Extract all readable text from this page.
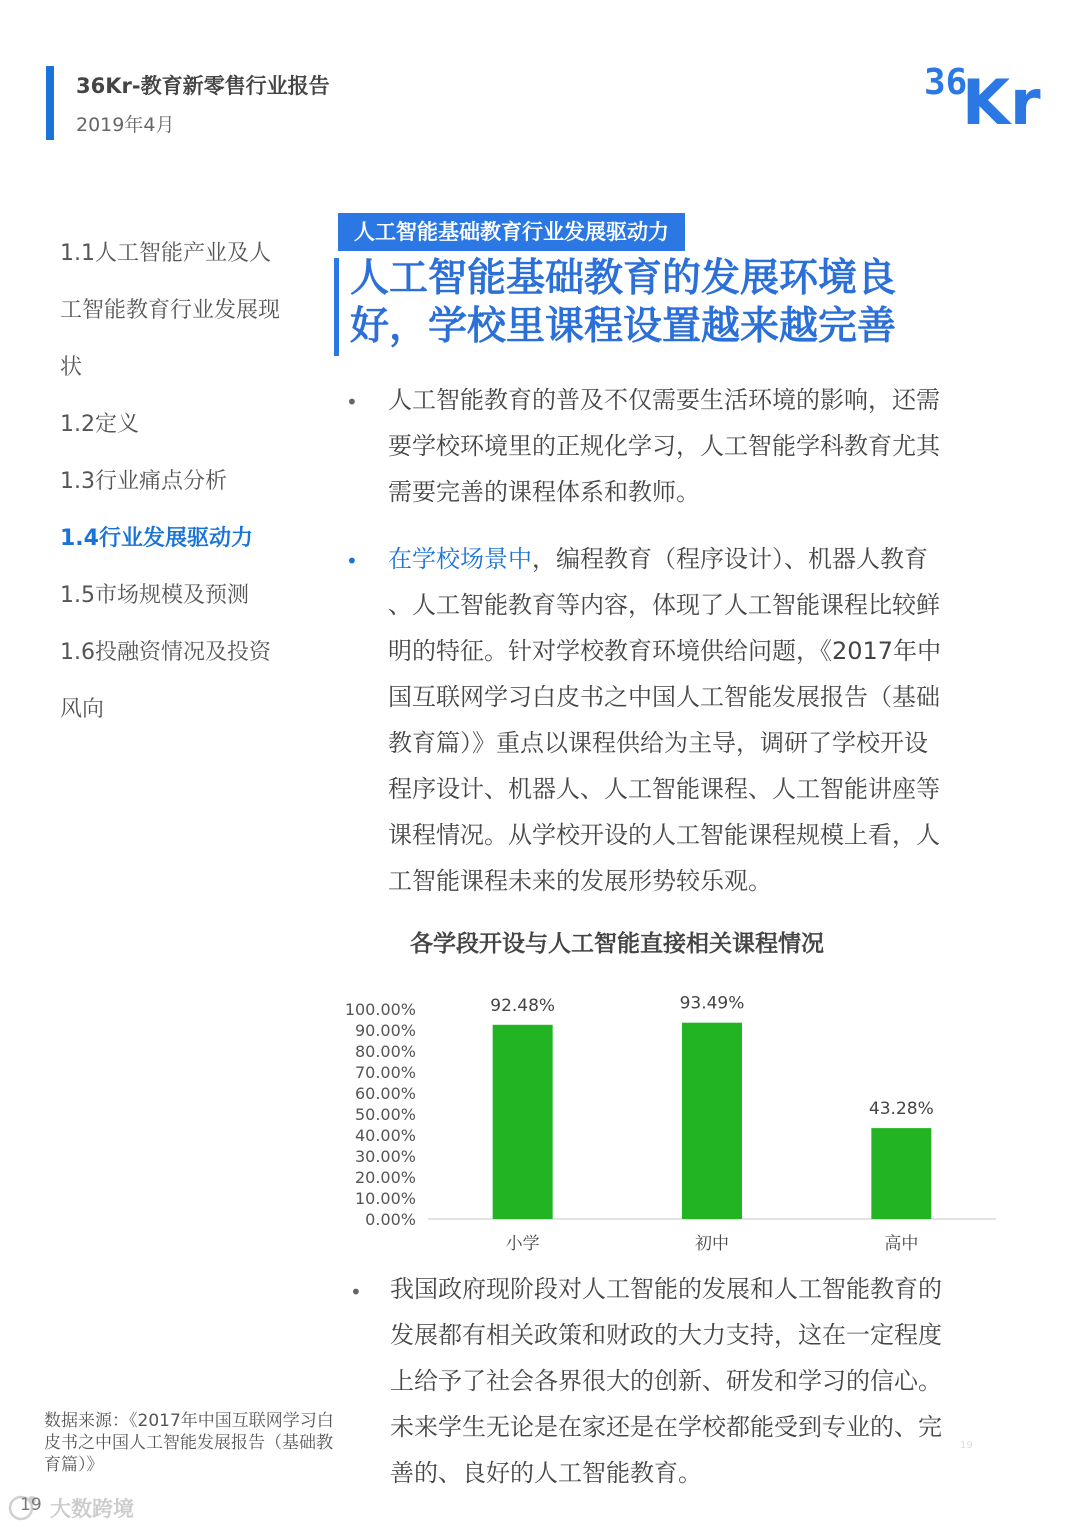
36Kr-教育新零售行业报告
2019年4月
36
Kr
1.1人工智能产业及人
工智能教育行业发展现
状
1.2定义
1.3行业痛点分析
1.4行业发展驱动力
1.5市场规模及预测
1.6投融资情况及投资
风向
人工智能基础教育行业发展驱动力
人工智能基础教育的发展环境良
好，学校里课程设置越来越完善
• 人工智能教育的普及不仅需要生活环境的影响，还需
要学校环境里的正规化学习，人工智能学科教育尤其
需要完善的课程体系和教师。
• 在学校场景中，编程教育（程序设计）、机器人教育
、人工智能教育等内容，体现了人工智能课程比较鲜
明的特征。针对学校教育环境供给问题，《2017年中
国互联网学习白皮书之中国人工智能发展报告（基础
教育篇）》重点以课程供给为主导，调研了学校开设
程序设计、机器人、人工智能课程、人工智能讲座等
课程情况。从学校开设的人工智能课程规模上看，人
工智能课程未来的发展形势较乐观。
各学段开设与人工智能直接相关课程情况
0.00%
10.00%
20.00%
30.00%
40.00%
50.00%
60.00%
70.00%
80.00%
90.00%
100.00%	92.48%
小学
93.49%
初中
43.28%
高中
• 我国政府现阶段对人工智能的发展和人工智能教育的
发展都有相关政策和财政的大力支持，这在一定程度
上给予了社会各界很大的创新、研发和学习的信心。
未来学生无论是在家还是在学校都能受到专业的、完
善的、良好的人工智能教育。
数据来源：《2017年中国互联网学习白皮书之中国人工智能发展报告（基础教育篇）》
19
19 大数跨境
